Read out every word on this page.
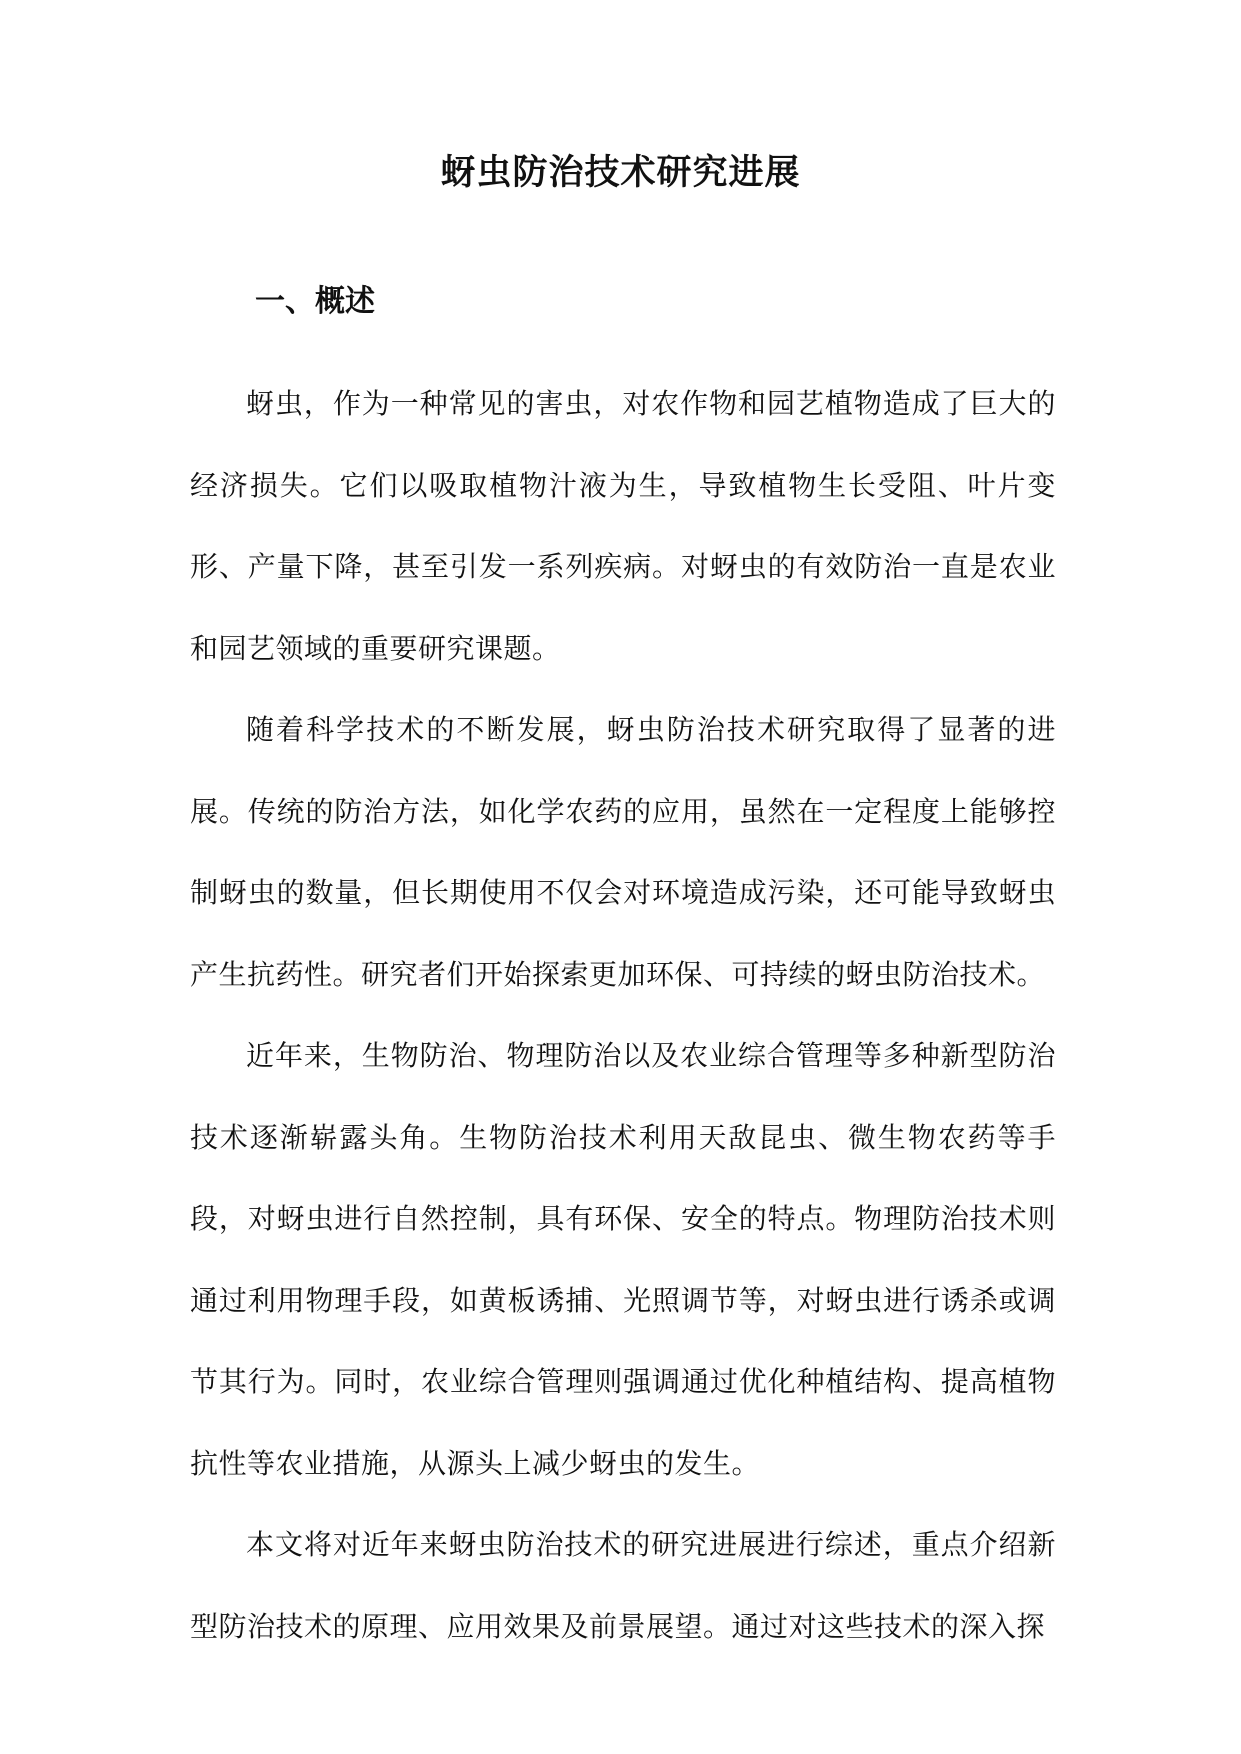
蚜虫防治技术研究进展
一、概述

蚜虫，作为一种常见的害虫，对农作物和园艺植物造成了巨大的经济损失。它们以吸取植物汁液为生，导致植物生长受阻、叶片变形、产量下降，甚至引发一系列疾病。对蚜虫的有效防治一直是农业和园艺领域的重要研究课题。

随着科学技术的不断发展，蚜虫防治技术研究取得了显著的进展。传统的防治方法，如化学农药的应用，虽然在一定程度上能够控制蚜虫的数量，但长期使用不仅会对环境造成污染，还可能导致蚜虫产生抗药性。研究者们开始探索更加环保、可持续的蚜虫防治技术。

近年来，生物防治、物理防治以及农业综合管理等多种新型防治技术逐渐崭露头角。生物防治技术利用天敌昆虫、微生物农药等手段，对蚜虫进行自然控制，具有环保、安全的特点。物理防治技术则通过利用物理手段，如黄板诱捕、光照调节等，对蚜虫进行诱杀或调节其行为。同时，农业综合管理则强调通过优化种植结构、提高植物抗性等农业措施，从源头上减少蚜虫的发生。

本文将对近年来蚜虫防治技术的研究进展进行综述，重点介绍新型防治技术的原理、应用效果及前景展望。通过对这些技术的深入探
